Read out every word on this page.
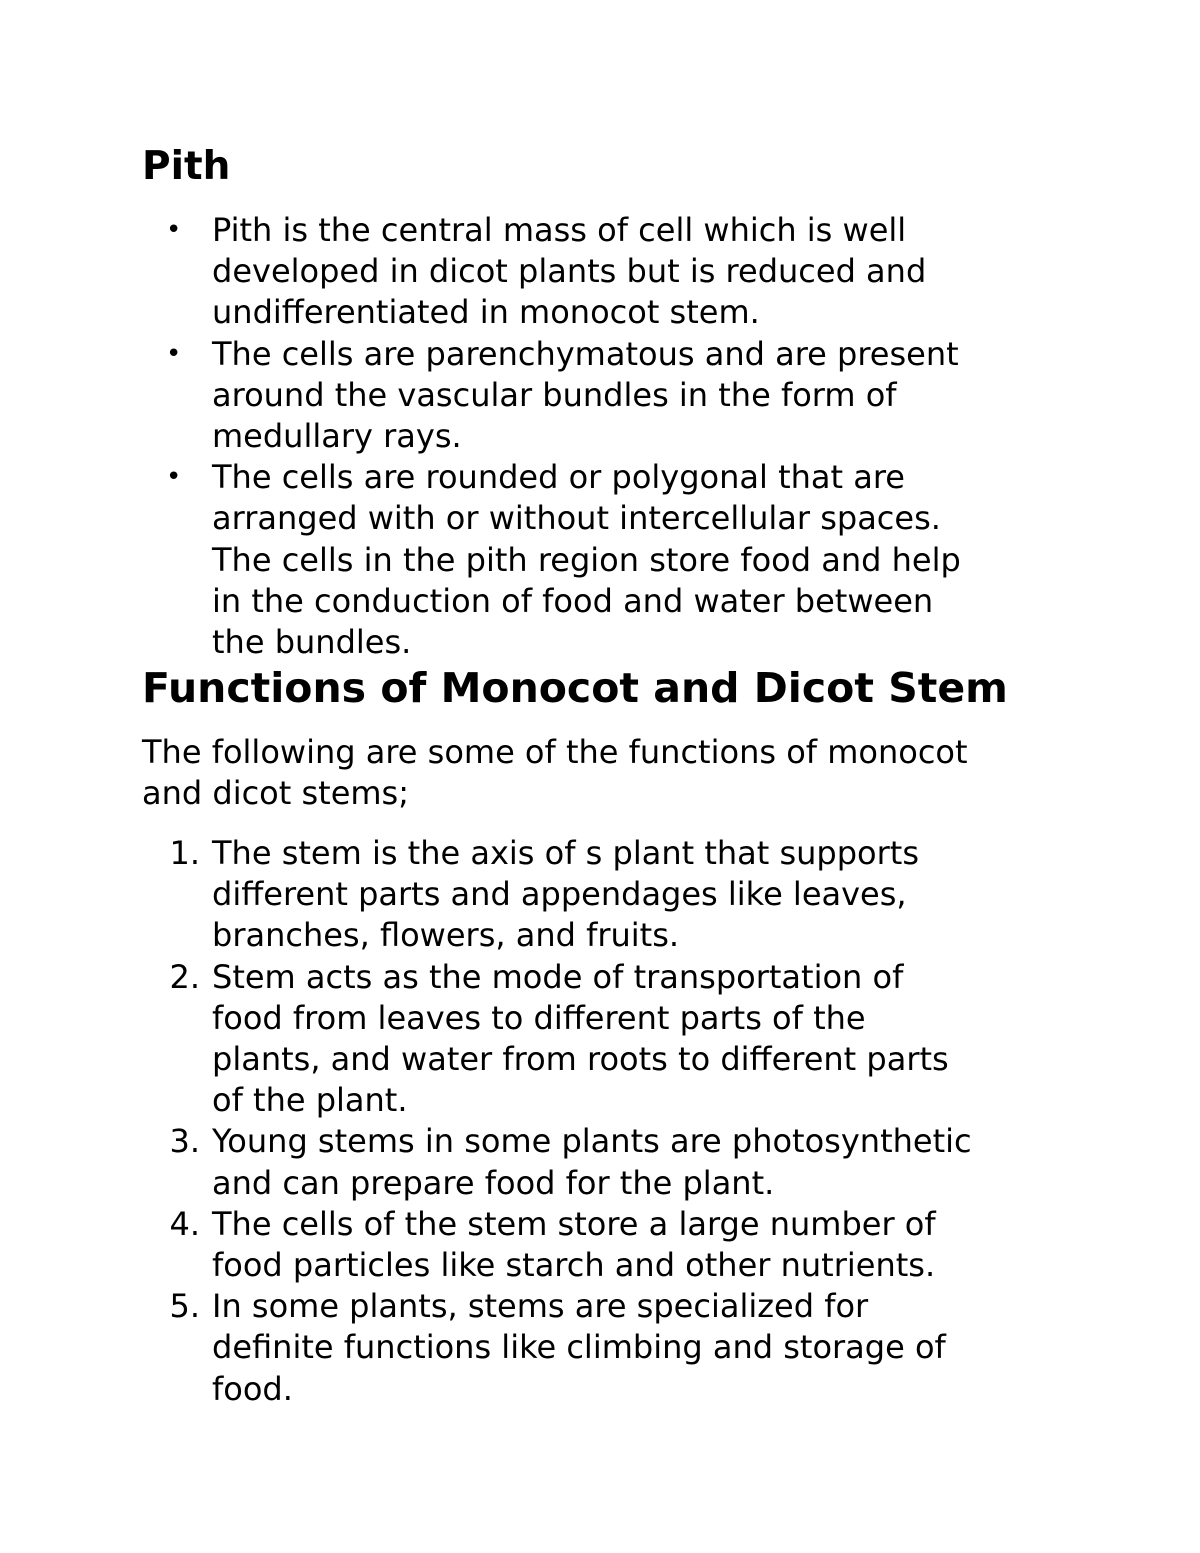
Pith
• Pith is the central mass of cell which is well
developed in dicot plants but is reduced and
undifferentiated in monocot stem.
• The cells are parenchymatous and are present
around the vascular bundles in the form of
medullary rays.
• The cells are rounded or polygonal that are
arranged with or without intercellular spaces.
The cells in the pith region store food and help
in the conduction of food and water between
the bundles.
Functions of Monocot and Dicot Stem

The following are some of the functions of monocot
and dicot stems;

1. The stem is the axis of s plant that supports
different parts and appendages like leaves,
branches, flowers, and fruits.
2. Stem acts as the mode of transportation of
food from leaves to different parts of the
plants, and water from roots to different parts
of the plant.
3. Young stems in some plants are photosynthetic
and can prepare food for the plant.
4. The cells of the stem store a large number of
food particles like starch and other nutrients.
5. In some plants, stems are specialized for
definite functions like climbing and storage of
food.
